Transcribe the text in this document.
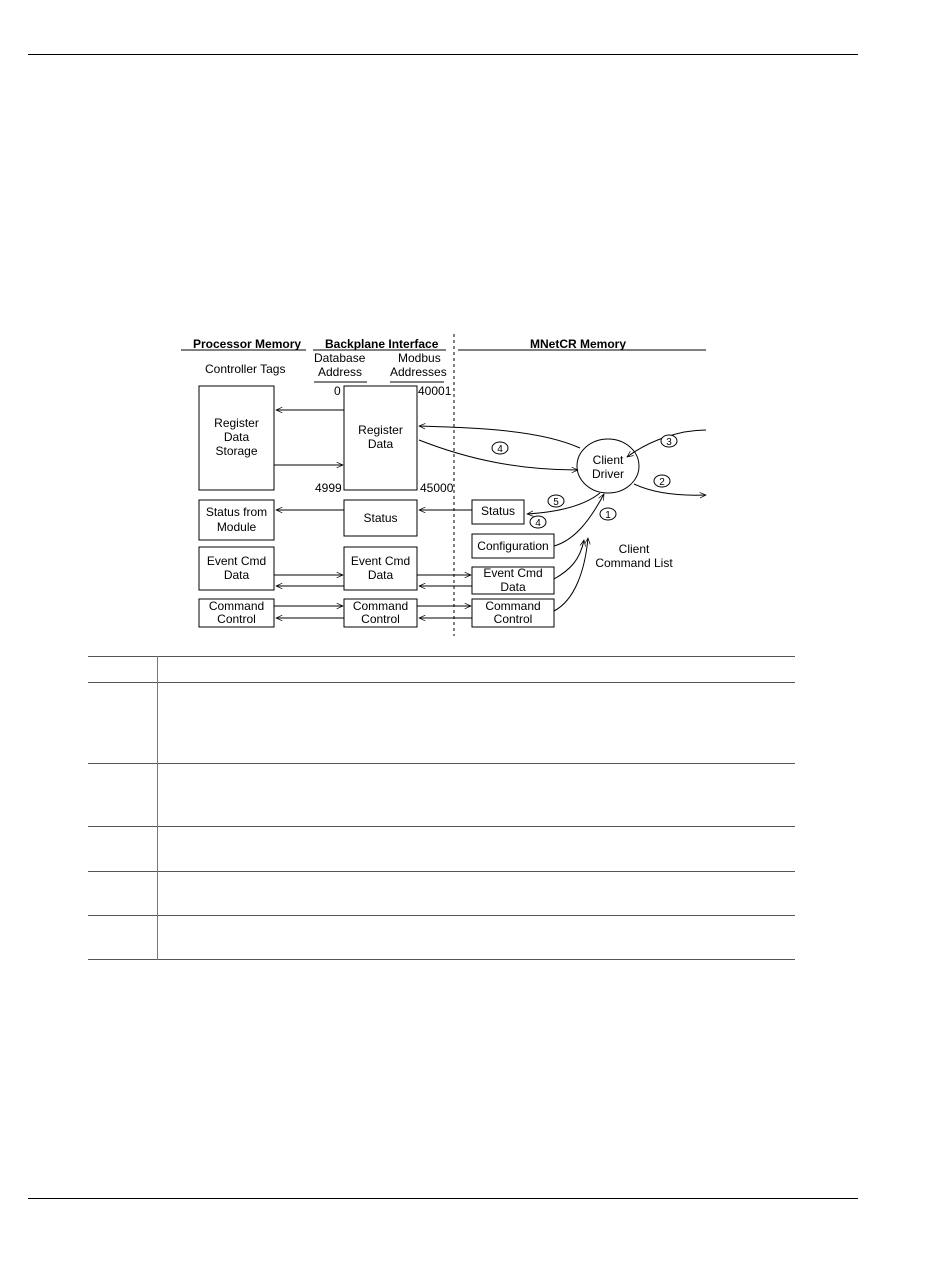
Processor Memory Backplane Interface	MNetCR Memory
Controller Tags
Database
Address
Modbus
Addresses
0	40001
4999	45000
Register
Data
Storage
Status from
Module
Event Cmd
Data
Command
Control
Register
Data
Status
Event Cmd
Data
Command
Control
Status
Configuration
Event Cmd
Data
Command
Control
Client
Driver
Client
Command List
4
3
2
5
4
1
